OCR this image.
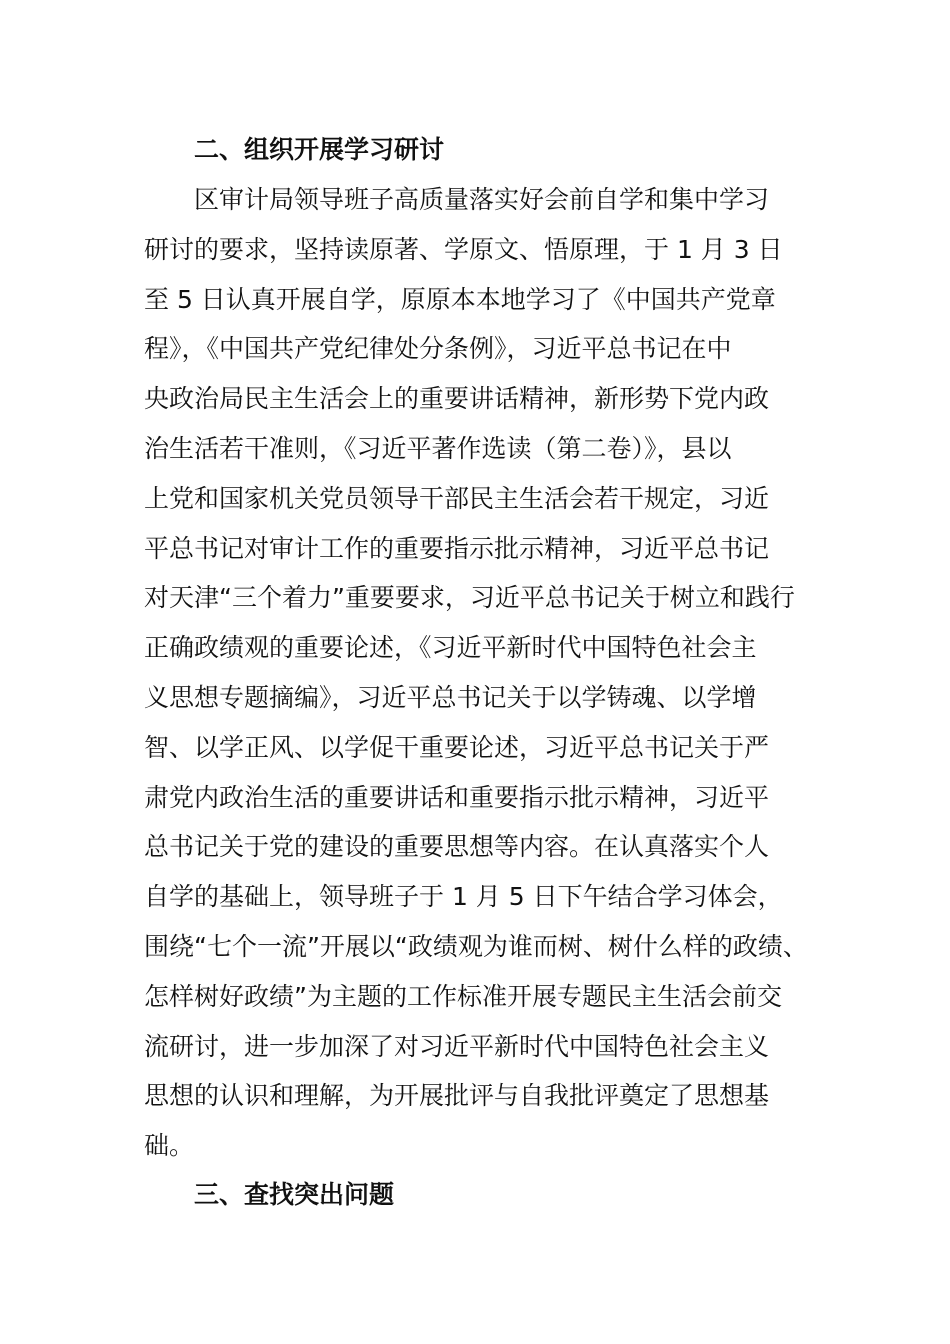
二、组织开展学习研讨
　　区审计局领导班子高质量落实好会前自学和集中学习
研讨的要求，坚持读原著、学原文、悟原理，于 1 月 3 日
至 5 日认真开展自学，原原本本地学习了《中国共产党章
程》，《中国共产党纪律处分条例》，习近平总书记在中
央政治局民主生活会上的重要讲话精神，新形势下党内政
治生活若干准则，《习近平著作选读（第二卷）》，县以
上党和国家机关党员领导干部民主生活会若干规定，习近
平总书记对审计工作的重要指示批示精神，习近平总书记
对天津“三个着力”重要要求，习近平总书记关于树立和践行
正确政绩观的重要论述，《习近平新时代中国特色社会主
义思想专题摘编》，习近平总书记关于以学铸魂、以学增
智、以学正风、以学促干重要论述，习近平总书记关于严
肃党内政治生活的重要讲话和重要指示批示精神，习近平
总书记关于党的建设的重要思想等内容。在认真落实个人
自学的基础上，领导班子于 1 月 5 日下午结合学习体会，
围绕“七个一流”开展以“政绩观为谁而树、树什么样的政绩、
怎样树好政绩”为主题的工作标准开展专题民主生活会前交
流研讨，进一步加深了对习近平新时代中国特色社会主义
思想的认识和理解，为开展批评与自我批评奠定了思想基
础。
三、查找突出问题
